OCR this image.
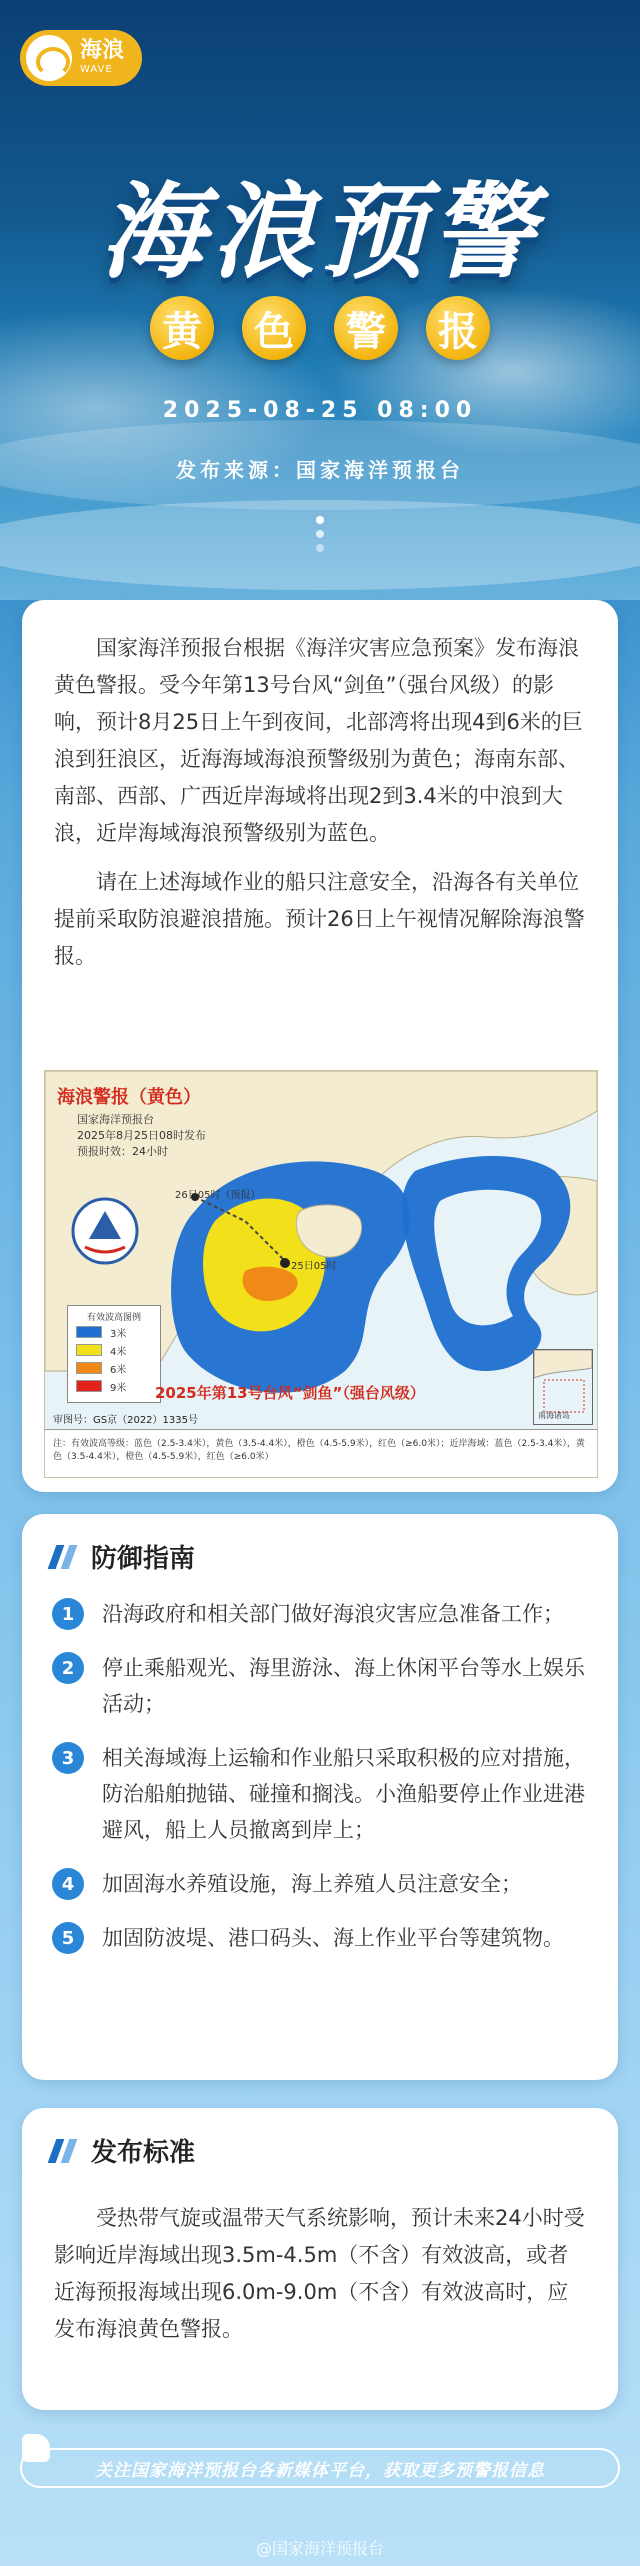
海浪
WAVE
海浪预警
黄	色	警	报
2025-08-25 08:00
发布来源：国家海洋预报台

国家海洋预报台根据《海洋灾害应急预案》发布海浪黄色警报。受今年第13号台风“剑鱼”（强台风级）的影响，预计8月25日上午到夜间，北部湾将出现4到6米的巨浪到狂浪区，近海海域海浪预警级别为黄色；海南东部、南部、西部、广西近岸海域将出现2到3.4米的中浪到大浪，近岸海域海浪预警级别为蓝色。

请在上述海域作业的船只注意安全，沿海各有关单位提前采取防浪避浪措施。预计26日上午视情况解除海浪警报。

海浪警报（黄色）
国家海洋预报台
2025年8月25日08时发布
预报时效：24小时
26日05时（预报）
25日05时
有效波高图例
3米
4米
6米
9米 2025年第13号台风“剑鱼”（强台风级）
审图号：GS京（2022）1335号	南海诸岛
注：有效波高等级：蓝色（2.5-3.4米），黄色（3.5-4.4米），橙色（4.5-5.9米），红色（≥6.0米）；近岸海域：蓝色（2.5-3.4米），黄色（3.5-4.4米），橙色（4.5-5.9米），红色（≥6.0米）
防御指南
1	沿海政府和相关部门做好海浪灾害应急准备工作；
2	停止乘船观光、海里游泳、海上休闲平台等水上娱乐活动；
3	相关海域海上运输和作业船只采取积极的应对措施，防治船舶抛锚、碰撞和搁浅。小渔船要停止作业进港避风，船上人员撤离到岸上；
4	加固海水养殖设施，海上养殖人员注意安全；
5	加固防波堤、港口码头、海上作业平台等建筑物。
发布标准

受热带气旋或温带天气系统影响，预计未来24小时受影响近岸海域出现3.5m-4.5m（不含）有效波高，或者近海预报海域出现6.0m-9.0m（不含）有效波高时，应发布海浪黄色警报。

关注国家海洋预报台各新媒体平台，获取更多预警报信息
@国家海洋预报台
